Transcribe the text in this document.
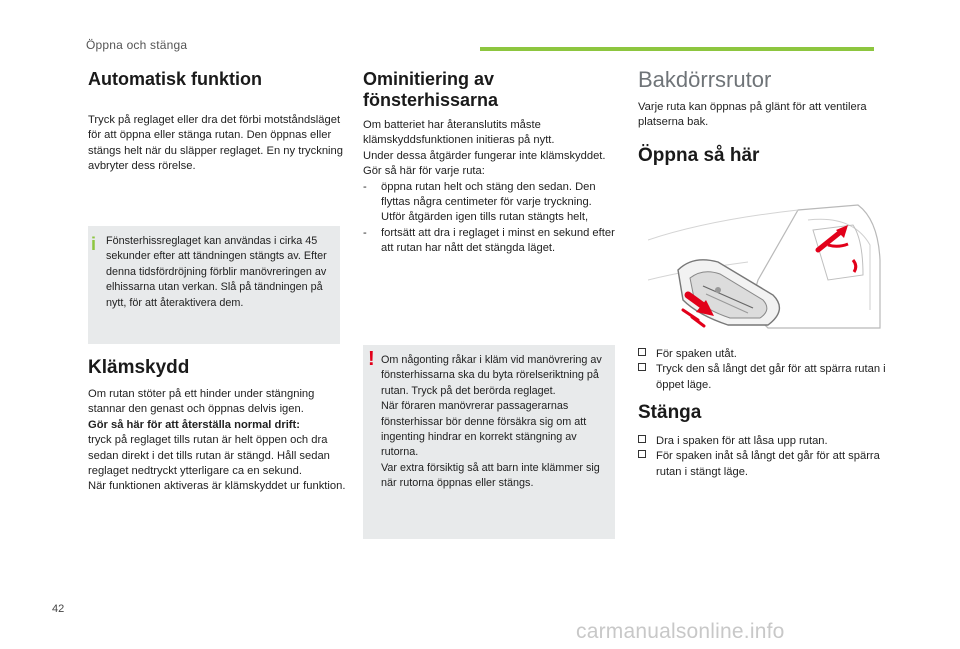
Öppna och stänga
Automatisk funktion

Tryck på reglaget eller dra det förbi motståndsläget för att öppna eller stänga rutan. Den öppnas eller stängs helt när du släpper reglaget. En ny tryckning avbryter dess rörelse.

i Fönsterhissreglaget kan användas i cirka 45 sekunder efter att tändningen stängts av. Efter denna tidsfördröjning förblir manövreringen av elhissarna utan verkan. Slå på tändningen på nytt, för att återaktivera dem.

Klämskydd

Om rutan stöter på ett hinder under stängning stannar den genast och öppnas delvis igen.

Gör så här för att återställa normal drift:

tryck på reglaget tills rutan är helt öppen och dra sedan direkt i det tills rutan är stängd. Håll sedan reglaget nedtryckt ytterligare ca en sekund.

När funktionen aktiveras är klämskyddet ur funktion.

Ominitiering av fönsterhissarna

Om batteriet har återanslutits måste klämskyddsfunktionen initieras på nytt.

Under dessa åtgärder fungerar inte klämskyddet.

Gör så här för varje ruta:

-	öppna rutan helt och stäng den sedan. Den flyttas några centimeter för varje tryckning. Utför åtgärden igen tills rutan stängts helt,
-	fortsätt att dra i reglaget i minst en sekund efter att rutan har nått det stängda läget.
! Om någonting råkar i kläm vid manövrering av fönsterhissarna ska du byta rörelseriktning på rutan. Tryck på det berörda reglaget.
När föraren manövrerar passagerarnas fönsterhissar bör denne försäkra sig om att ingenting hindrar en korrekt stängning av rutorna.
Var extra försiktig så att barn inte klämmer sig när rutorna öppnas eller stängs.

Bakdörrsrutor

Varje ruta kan öppnas på glänt för att ventilera platserna bak.

Öppna så här
För spaken utåt.
Tryck den så långt det går för att spärra rutan i öppet läge.
Stänga
Dra i spaken för att låsa upp rutan.
För spaken inåt så långt det går för att spärra rutan i stängt läge.
42
carmanualsonline.info
